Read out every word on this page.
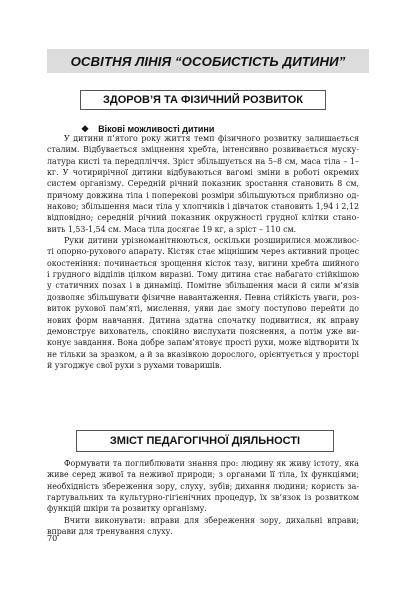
ОСВІТНЯ ЛІНІЯ “ОСОБИСТІСТЬ ДИТИНИ”
ЗДОРОВ’Я ТА ФІЗИЧНИЙ РОЗВИТОК
❖ Вікові можливості дитини
У дитини п’ятого року життя темп фізичного розвитку залишається
сталим. Відбувається зміцнення хребта, інтенсивно розвивається муску-
латура кисті та передпліччя. Зріст збільшується на 5–8 см, маса тіла – 1–
кг. У чотирирічної дитини відбуваються вагомі зміни в роботі окремих
систем організму. Середній річний показник зростання становить 8 см,
причому довжина тіла і поперекові розміри збільшуються приблизно од-
наково; збільшення маси тіла у хлопчиків і дівчаток становить 1,94 і 2,12
відповідно; середній річний показник окружності грудної клітки стано-
вить 1,53-1,54 см. Маса тіла досягає 19 кг, а зріст – 110 см.
Руки дитини урізноманітнюються, оскільки розширилися можливос-
ті опорно-рухового апарату. Кістяк стає міцнішим через активний процес
окостеніння: починається зрощення кісток тазу, вигини хребта шийного
і грудного відділів цілком виразні. Тому дитина стає набагато стійкішою
у статичних позах і в динаміці. Помітне збільшення маси й сили м’язів
дозволяє збільшувати фізичне навантаження. Певна стійкість уваги, роз-
виток рухової пам’яті, мислення, уяви дає змогу поступово перейти до
нових форм навчання. Дитина здатна спочатку подивитися, як вправу
демонструє вихователь, спокійно вислухати пояснення, а потім уже ви-
конує завдання. Вона добре запам’ятовує прості рухи, може відтворити їх
не тільки за зразком, а й за вказівкою дорослого, орієнтується у просторі
й узгоджує свої рухи з рухами товаришів.
ЗМІСТ ПЕДАГОГІЧНОЇ ДІЯЛЬНОСТІ
Формувати та поглиблювати знання про: людину як живу істоту, яка
живе серед живої та неживої природи; з органами її тіла, їх функціями;
необхідність збереження зору, слуху, зубів; дихання людини; користь за-
гартувальних та культурно-гігієнічних процедур, їх зв’язок із розвитком
функцій шкіри та розвитку організму.
Вчити виконувати: вправи для збереження зору, дихальні вправи;
вправи для тренування слуху.
70
